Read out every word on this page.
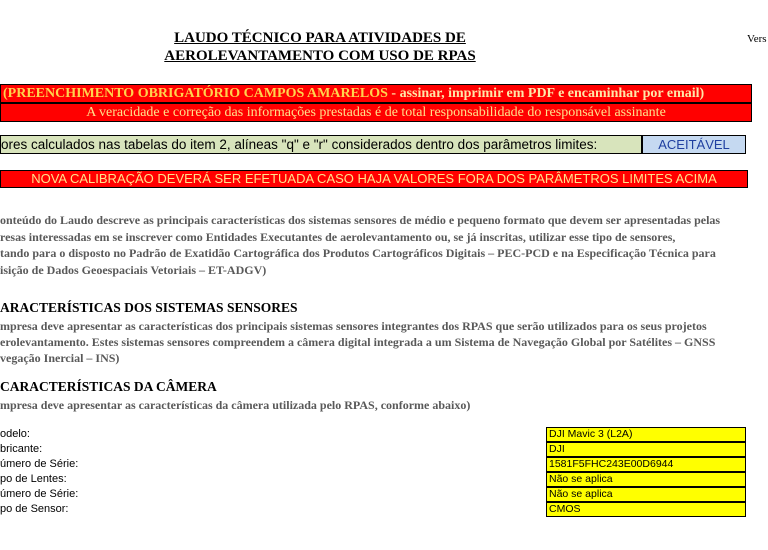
LAUDO TÉCNICO PARA ATIVIDADES DE
AEROLEVANTAMENTO COM USO DE RPAS
Vers
(PREENCHIMENTO OBRIGATÓRIO CAMPOS AMARELOS - assinar, imprimir em PDF e encaminhar por email)
A veracidade e correção das informações prestadas é de total responsabilidade do responsável assinante
ores calculados nas tabelas do item 2, alíneas "q" e "r" considerados dentro dos parâmetros limites:	ACEITÁVEL
NOVA CALIBRAÇÃO DEVERÁ SER EFETUADA CASO HAJA VALORES FORA DOS PARÂMETROS LIMITES ACIMA
onteúdo do Laudo descreve as principais características dos sistemas sensores de médio e pequeno formato que devem ser apresentadas pelas
resas interessadas em se inscrever como Entidades Executantes de aerolevantamento ou, se já inscritas, utilizar esse tipo de sensores,
tando para o disposto no Padrão de Exatidão Cartográfica dos Produtos Cartográficos Digitais – PEC-PCD e na Especificação Técnica para
isição de Dados Geoespaciais Vetoriais – ET-ADGV)
ARACTERÍSTICAS DOS SISTEMAS SENSORES
mpresa deve apresentar as características dos principais sistemas sensores integrantes dos RPAS que serão utilizados para os seus projetos
erolevantamento. Estes sistemas sensores compreendem a câmera digital integrada a um Sistema de Navegação Global por Satélites – GNSS
vegação Inercial – INS)
CARACTERÍSTICAS DA CÂMERA
mpresa deve apresentar as características da câmera utilizada pelo RPAS, conforme abaixo)
odelo:	DJI Mavic 3 (L2A)
bricante:	DJI
úmero de Série:	1581F5FHC243E00D6944
po de Lentes:	Não se aplica
úmero de Série:	Não se aplica
po de Sensor:	CMOS
